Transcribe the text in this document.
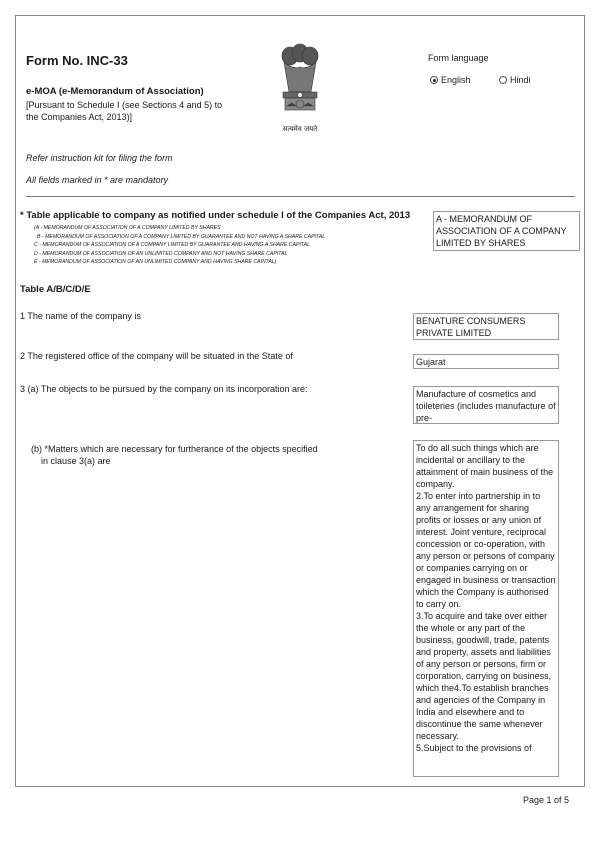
Form No. INC-33
e-MOA (e-Memorandum of Association)
[Pursuant to Schedule I (see Sections 4 and 5) to
the Companies Act, 2013)]
सत्यमेव जयते
Form language
English	Hindi
Refer instruction kit for filing the form
All fields marked in * are mandatory
* Table applicable to company as notified under schedule I of the Companies Act, 2013
(A - MEMORANDUM OF ASSOCIATION OF A COMPANY LIMITED BY SHARES
B - MEMORANDUM OF ASSOCIATION OF A COMPANY LIMITED BY GUARANTEE AND NOT HAVING A SHARE CAPITAL
C - MEMORANDUM OF ASSOCIATION OF A COMPANY LIMITED BY GUARANTEE AND HAVING A SHARE CAPITAL
D - MEMORANDUM OF ASSOCIATION OF AN UNLIMITED COMPANY AND NOT HAVING SHARE CAPITAL
E - MEMORANDUM OF ASSOCIATION OF AN UNLIMITED COMPANY AND HAVING SHARE CAPITAL)
A - MEMORANDUM OF ASSOCIATION OF A COMPANY LIMITED BY SHARES
Table A/B/C/D/E
1 The name of the company is	BENATURE CONSUMERS PRIVATE LIMITED
2 The registered office of the company will be situated in the State of
Gujarat
3 (a) The objects to be pursued by the company on its incorporation are:	Manufacture of cosmetics and toileteries (includes manufacture of pre-
(b) *Matters which are necessary for furtherance of the objects specified
in clause 3(a) are
To do all such things which are incidental or ancillary to the attainment of main business of the company.
2.To enter into partnership in to any arrangement for sharing profits or losses or any union of interest. Joint venture, reciprocal concession or co-operation, with any person or persons of company or companies carrying on or engaged in business or transaction which the Company is authorised to carry on.
3.To acquire and take over either the whole or any part of the business, goodwill, trade, patents and property, assets and liabilities of any person or persons, firm or corporation, carrying on business, which the4.To establish branches and agencies of the Company in India and elsewhere and to discontinue the same whenever necessary.
5.Subject to the provisions of
Page 1 of 5
